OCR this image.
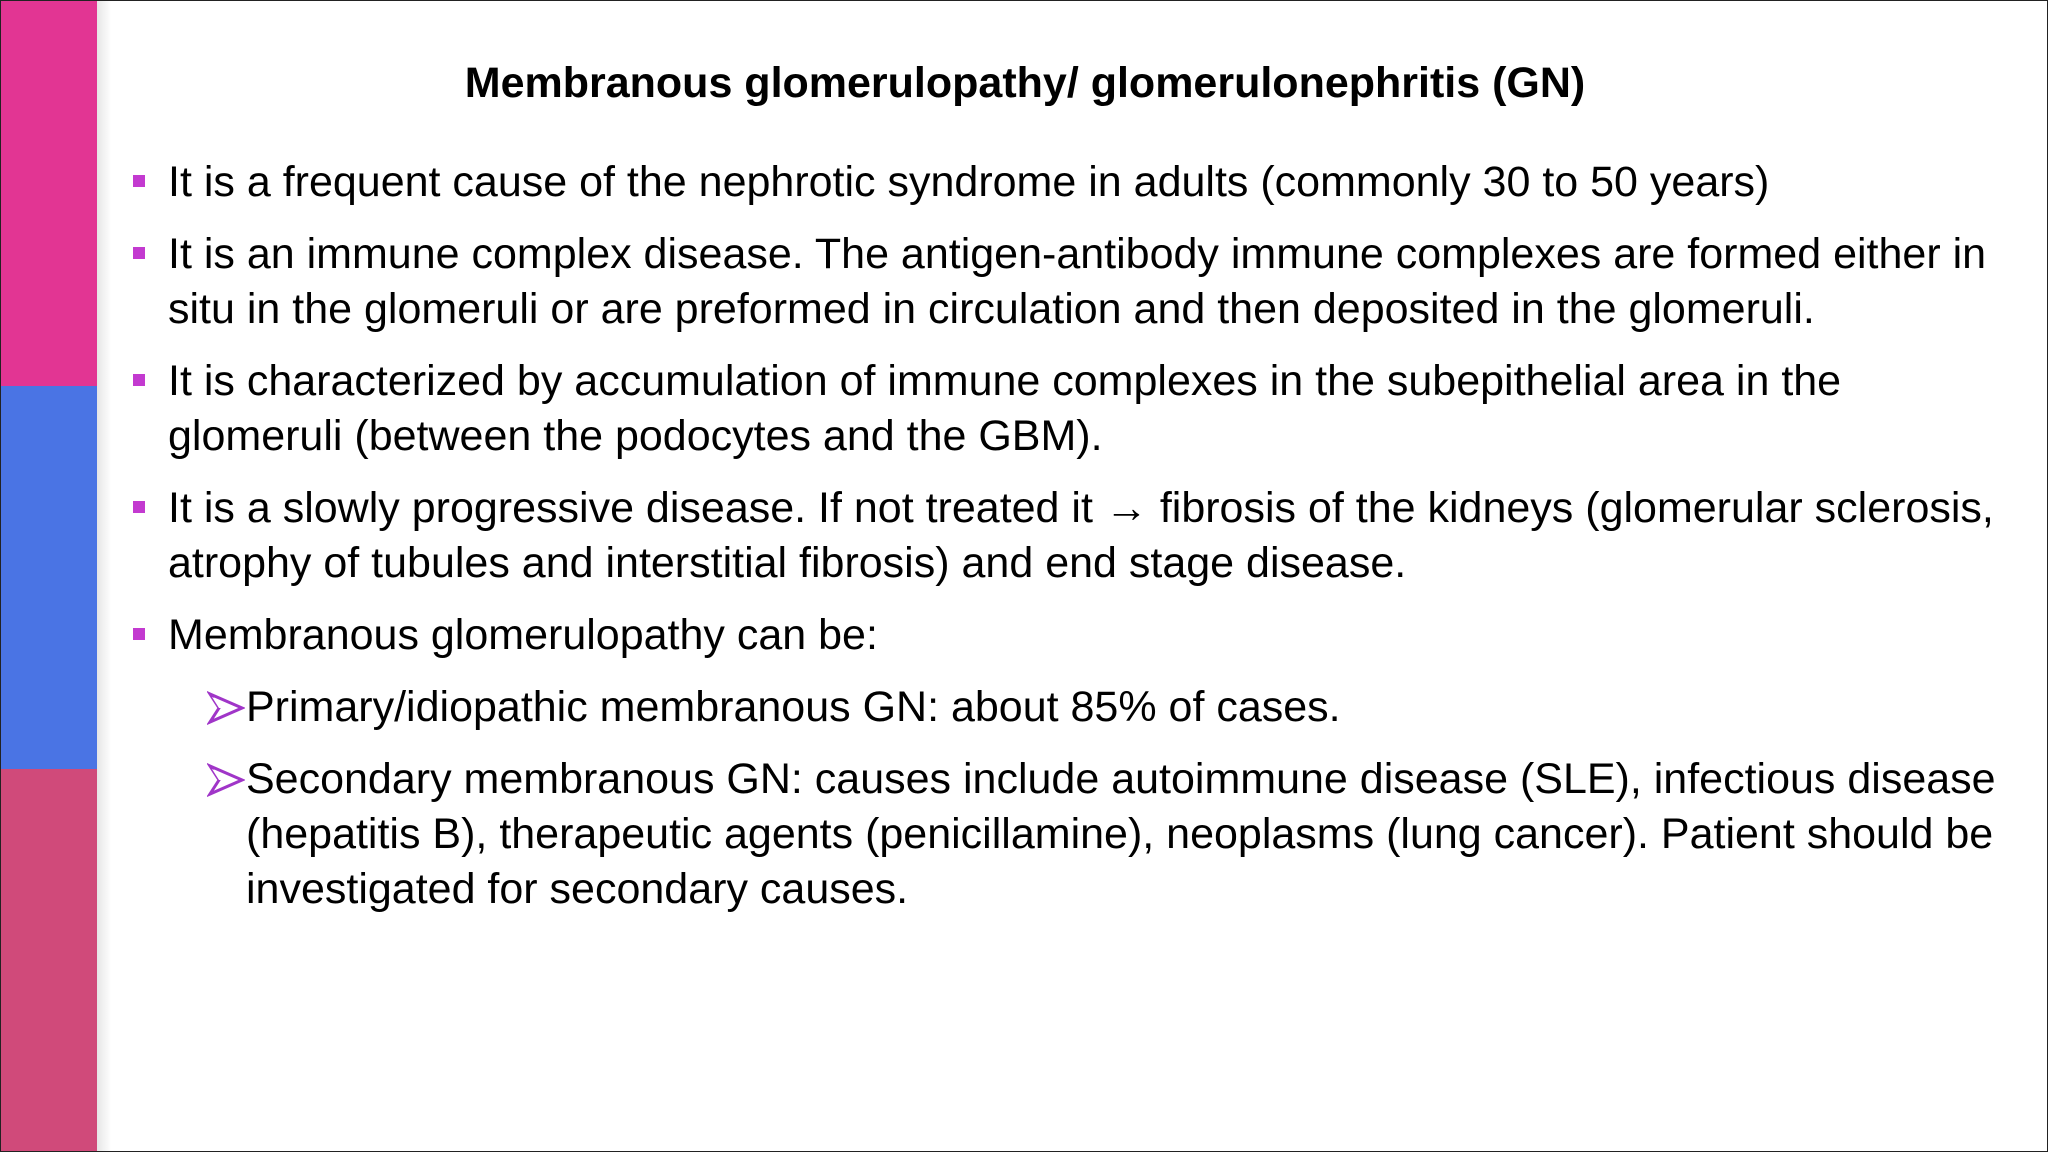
Membranous glomerulopathy/ glomerulonephritis (GN)
It is a frequent cause of the nephrotic syndrome in adults (commonly 30 to 50 years)
It is an immune complex disease. The antigen-antibody immune complexes are formed either in situ in the glomeruli or are preformed in circulation and then deposited in the glomeruli.
It is characterized by accumulation of immune complexes in the subepithelial area in the glomeruli (between the podocytes and the GBM).
It is a slowly progressive disease. If not treated it → fibrosis of the kidneys (glomerular sclerosis, atrophy of tubules and interstitial fibrosis) and end stage disease.
Membranous glomerulopathy can be:
Primary/idiopathic membranous GN: about 85% of cases.
Secondary membranous GN: causes include autoimmune disease (SLE), infectious disease (hepatitis B), therapeutic agents (penicillamine), neoplasms (lung cancer). Patient should be investigated for secondary causes.
